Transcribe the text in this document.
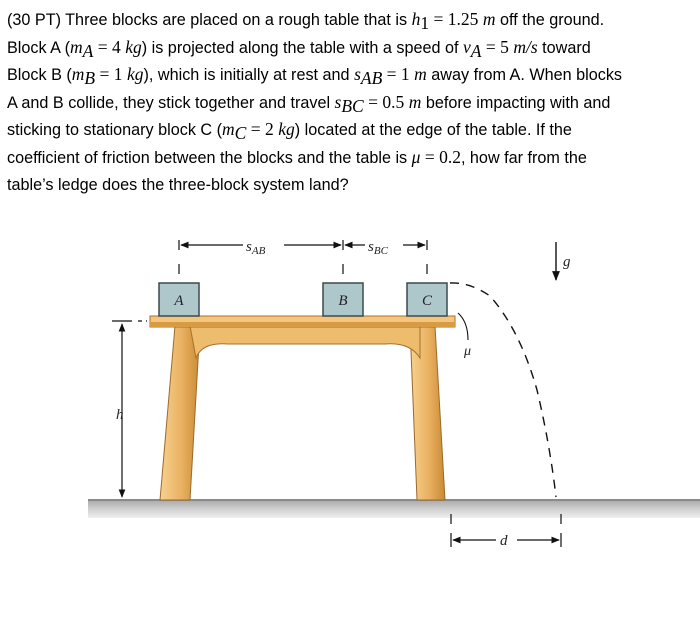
(30 PT) Three blocks are placed on a rough table that is $h_1 = 1.25$ m off the ground.
Block A ($m_A = 4$ kg) is projected along the table with a speed of $v_A = 5$ m/s toward
Block B ($m_B = 1$ kg), which is initially at rest and $s_{AB} = 1$ m away from A. When blocks
A and B collide, they stick together and travel $s_{BC} = 0.5$ m before impacting with and
sticking to stationary block C ($m_C = 2$ kg) located at the edge of the table. If the
coefficient of friction between the blocks and the table is μ = 0.2, how far from the
table’s ledge does the three-block system land?
A	B	C
$s_{AB}$	$s_{BC}$
h
g
μ
d
